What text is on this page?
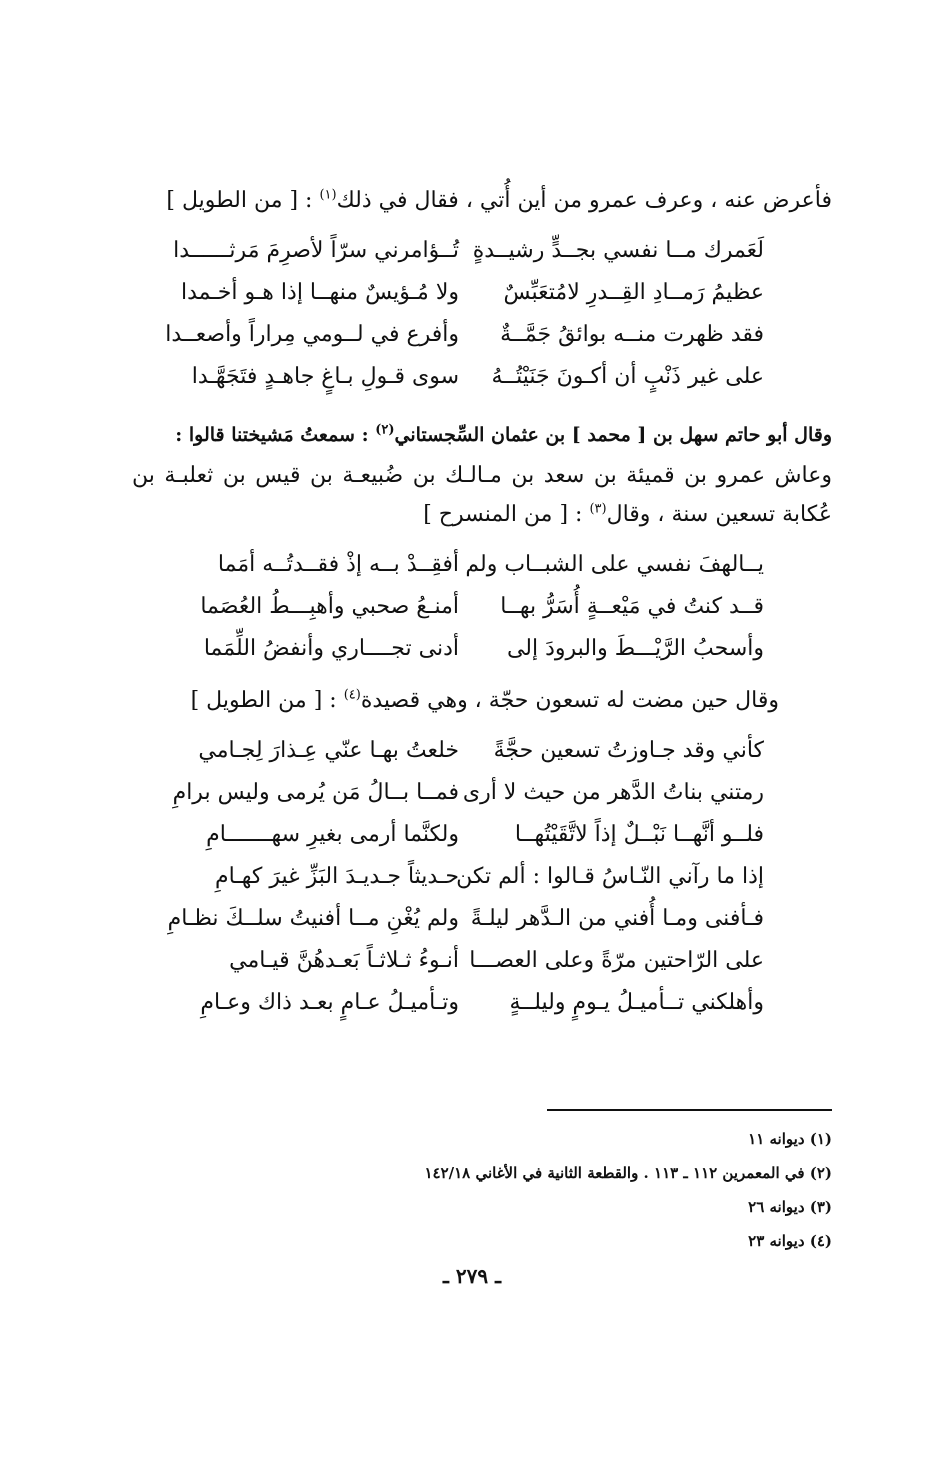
فأعرض عنه ، وعرف عمرو من أين أُتي ، فقال في ذلك$^{(١)}$ : [ من الطويل ]
لَعَمرك مــا نفسي بجــدٍّ رشيــدةٍ
تُــؤامرني سرّاً لأصرِمَ مَرثــــــدا
عظيمُ رَمــادِ القِــدرِ لامُتعَبِّسٌ
ولا مُـؤيسٌ منهــا إذا هـو أخـمدا
فقد ظهرت منــه بوائقُ جَمَّــةٌ
وأفرع في لــومي مِراراً وأصعــدا
على غير ذَنْبٍ أن أكـونَ جَنَيْتُــهُ
سوى قـولِ بـاغٍ جاهـدٍ فتَجَهَّـدا
وقال أبو حاتم سهل بن [ محمد ] بن عثمان السِّجستاني$^{(٢)}$ : سمعتُ مَشيختنا قالوا :
وعاش عمرو بن قميئة بن سعد بن مـالـك بن ضُبيعـة بن قيس بن ثعلبـة بن عُكابة تسعين سنة ، وقال$^{(٣)}$ : [ من المنسرح ]
يــالهفَ نفسي على الشبــاب ولم
أفقِــدْ بــه إذْ فقــدتُــه أمَما
قــد كنتُ في مَيْعــةٍ أُسَرُّ بهــا
أمنـعُ صحبي وأهبِـــطُ العُصَما
وأسحبُ الرَّيْـــطَ والبرودَ إلى
أدنى تجــــاري وأنفضُ اللِّمَما
وقال حين مضت له تسعون حجّة ، وهي قصيدة$^{(٤)}$ : [ من الطويل ]
كأني وقد جـاوزتُ تسعين حجَّةً
خلعتُ بهـا عنّي عِـذارَ لِجـامي
رمتني بناتُ الدَّهر من حيث لا أرى
فمــا بــالُ مَن يُرمى وليس برامِ
فلــو أنَّهــا نَبْــلٌ إذاً لاتَّقَيْتُهــا
ولكنَّما أرمى بغيرِ سهـــــــامِ
إذا ما رآني النّـاسُ قـالوا : ألم تكن
حـديثاً جـديـدَ البَزِّ غيرَ كهـامِ
فـأفنى ومـا أُفني من الـدَّهر ليلـةً
ولم يُغْنِ مــا أفنيتُ سلــكَ نظـامِ
على الرّاحتين مرّةً وعلى العصـــا
أنـوءُ ثـلاثـاً بَعـدهُنَّ قيـامي
وأهلكني تــأميـلُ يـومٍ وليلــةٍ
وتـأميـلُ عـامٍ بعـد ذاك وعـامِ
(١) ديوانه ١١
(٢) في المعمرين ١١٢ ـ ١١٣ . والقطعة الثانية في الأغاني ١٤٢/١٨
(٣) ديوانه ٢٦
(٤) ديوانه ٢٣
ـ ٢٧٩ ـ
